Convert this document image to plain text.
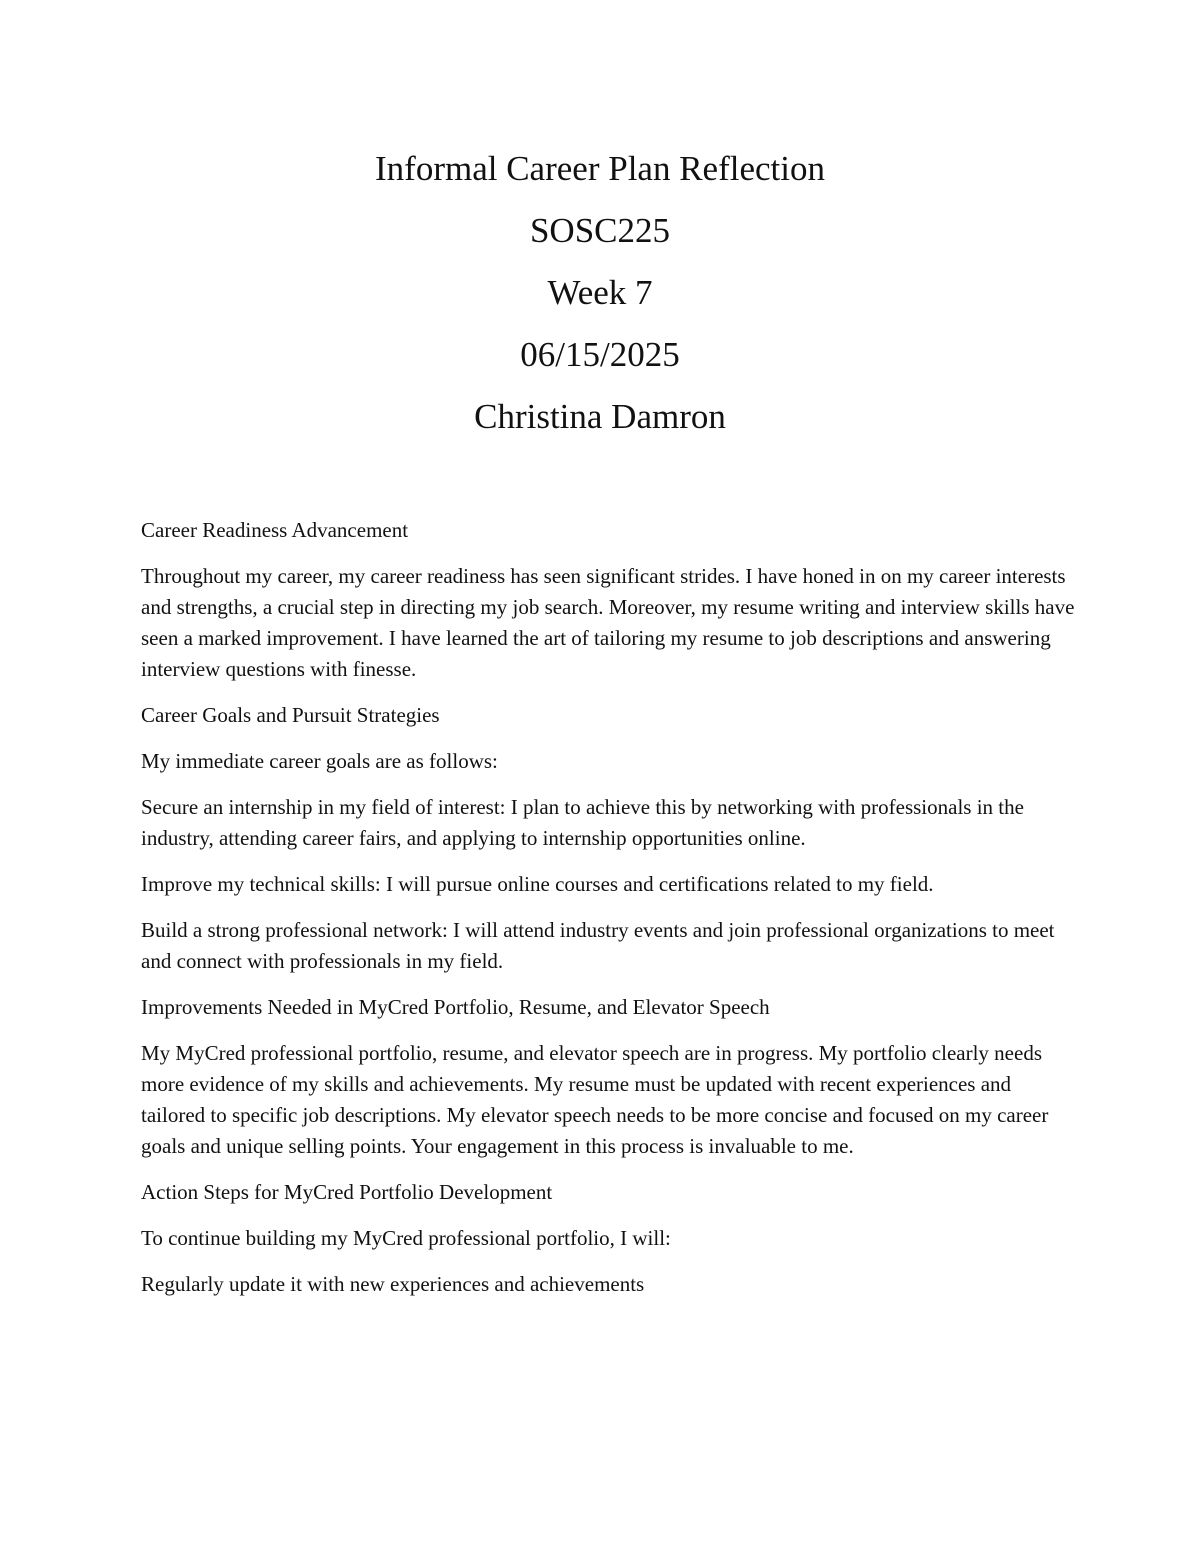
Informal Career Plan Reflection
SOSC225
Week 7
06/15/2025
Christina Damron

Career Readiness Advancement

Throughout my career, my career readiness has seen significant strides. I have honed in on my career interests and strengths, a crucial step in directing my job search. Moreover, my resume writing and interview skills have seen a marked improvement. I have learned the art of tailoring my resume to job descriptions and answering interview questions with finesse.

Career Goals and Pursuit Strategies

My immediate career goals are as follows:

Secure an internship in my field of interest: I plan to achieve this by networking with professionals in the industry, attending career fairs, and applying to internship opportunities online.

Improve my technical skills: I will pursue online courses and certifications related to my field.

Build a strong professional network: I will attend industry events and join professional organizations to meet and connect with professionals in my field.

Improvements Needed in MyCred Portfolio, Resume, and Elevator Speech

My MyCred professional portfolio, resume, and elevator speech are in progress. My portfolio clearly needs more evidence of my skills and achievements. My resume must be updated with recent experiences and tailored to specific job descriptions. My elevator speech needs to be more concise and focused on my career goals and unique selling points. Your engagement in this process is invaluable to me.

Action Steps for MyCred Portfolio Development

To continue building my MyCred professional portfolio, I will:

Regularly update it with new experiences and achievements
